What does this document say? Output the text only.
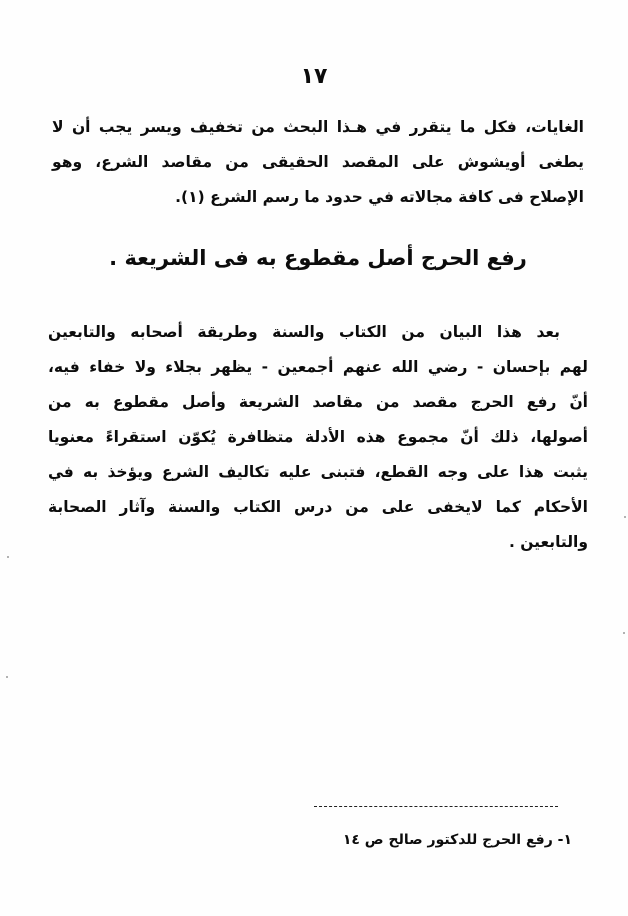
١٧
الغايات، فكل ما يتقرر في هـذا البحث من تخفيف ويسر يجب أن لا
يطغى أويشوش على المقصد الحقيقى من مقاصد الشرع، وهو
الإصلاح فى كافة مجالاته في حدود ما رسم الشرع (١).
رفع الحرج أصل مقطوع به فى الشريعة .
بعد هذا البيان من الكتاب والسنة وطريقة أصحابه والتابعين
لهم بإحسان - رضي الله عنهم أجمعين - يظهر بجلاء ولا خفاء فيه،
أنّ رفع الحرج مقصد من مقاصد الشريعة وأصل مقطوع به من
أصولها، ذلك أنّ مجموع هذه الأدلة متظافرة يُكوّن استقراءً معنويا
يثبت هذا على وجه القطع، فتبنى عليه تكاليف الشرع ويؤخذ به في
الأحكام كما لايخفى على من درس الكتاب والسنة وآثار الصحابة
والتابعين .
١- رفع الحرج للدكتور صالح ص ١٤
